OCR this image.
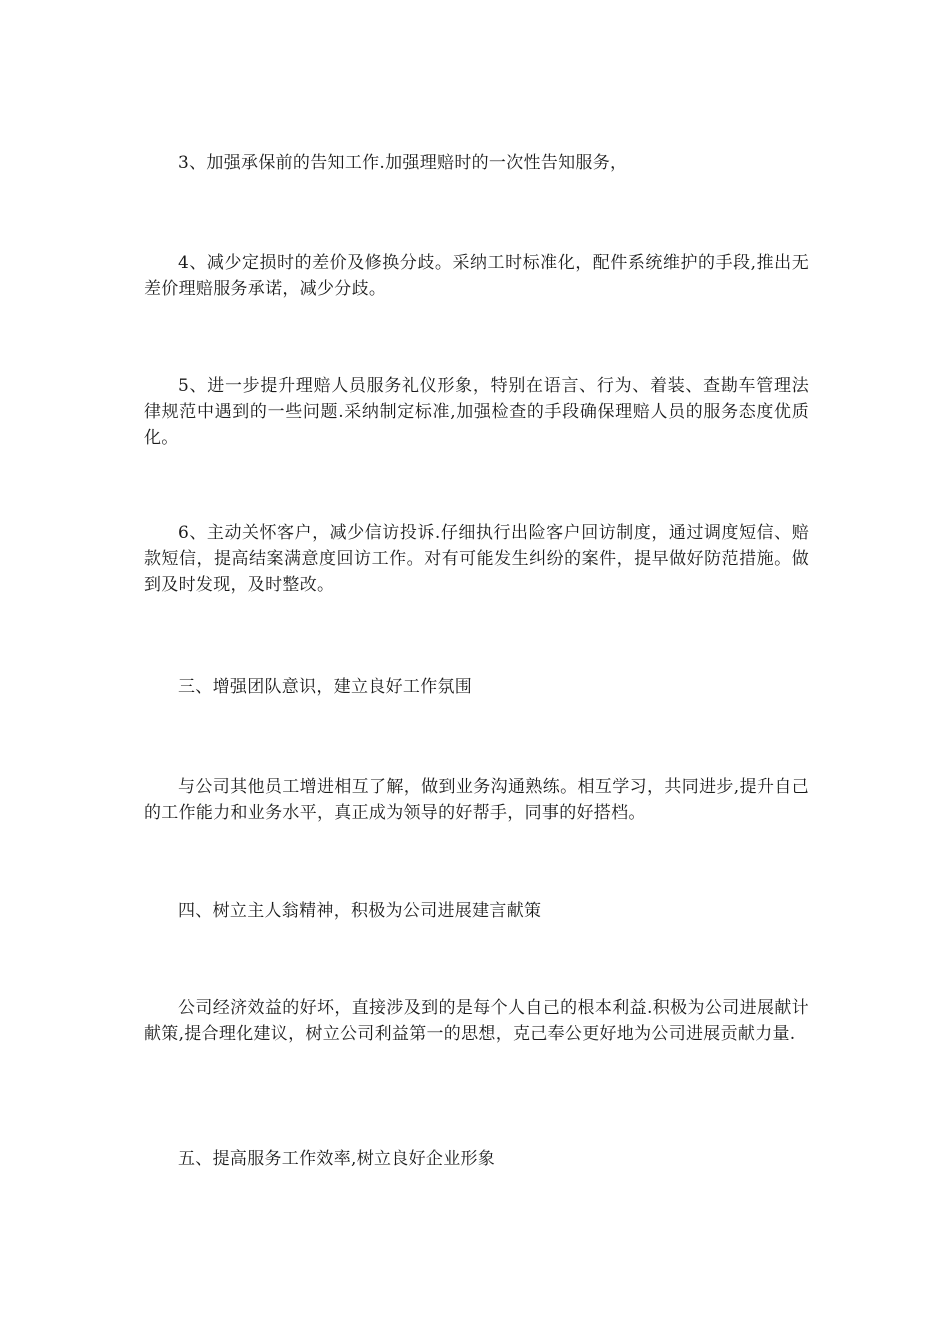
3、加强承保前的告知工作.加强理赔时的一次性告知服务，

4、减少定损时的差价及修换分歧。采纳工时标准化，配件系统维护的手段,推出无差价理赔服务承诺，减少分歧。

5、进一步提升理赔人员服务礼仪形象，特别在语言、行为、着装、查勘车管理法律规范中遇到的一些问题.采纳制定标准,加强检查的手段确保理赔人员的服务态度优质化。

6、主动关怀客户，减少信访投诉.仔细执行出险客户回访制度，通过调度短信、赔款短信，提高结案满意度回访工作。对有可能发生纠纷的案件，提早做好防范措施。做到及时发现，及时整改。

三、增强团队意识，建立良好工作氛围

与公司其他员工增进相互了解，做到业务沟通熟练。相互学习，共同进步,提升自己的工作能力和业务水平，真正成为领导的好帮手，同事的好搭档。

四、树立主人翁精神，积极为公司进展建言献策

公司经济效益的好坏，直接涉及到的是每个人自己的根本利益.积极为公司进展献计献策,提合理化建议，树立公司利益第一的思想，克己奉公更好地为公司进展贡献力量.

五、提高服务工作效率,树立良好企业形象
